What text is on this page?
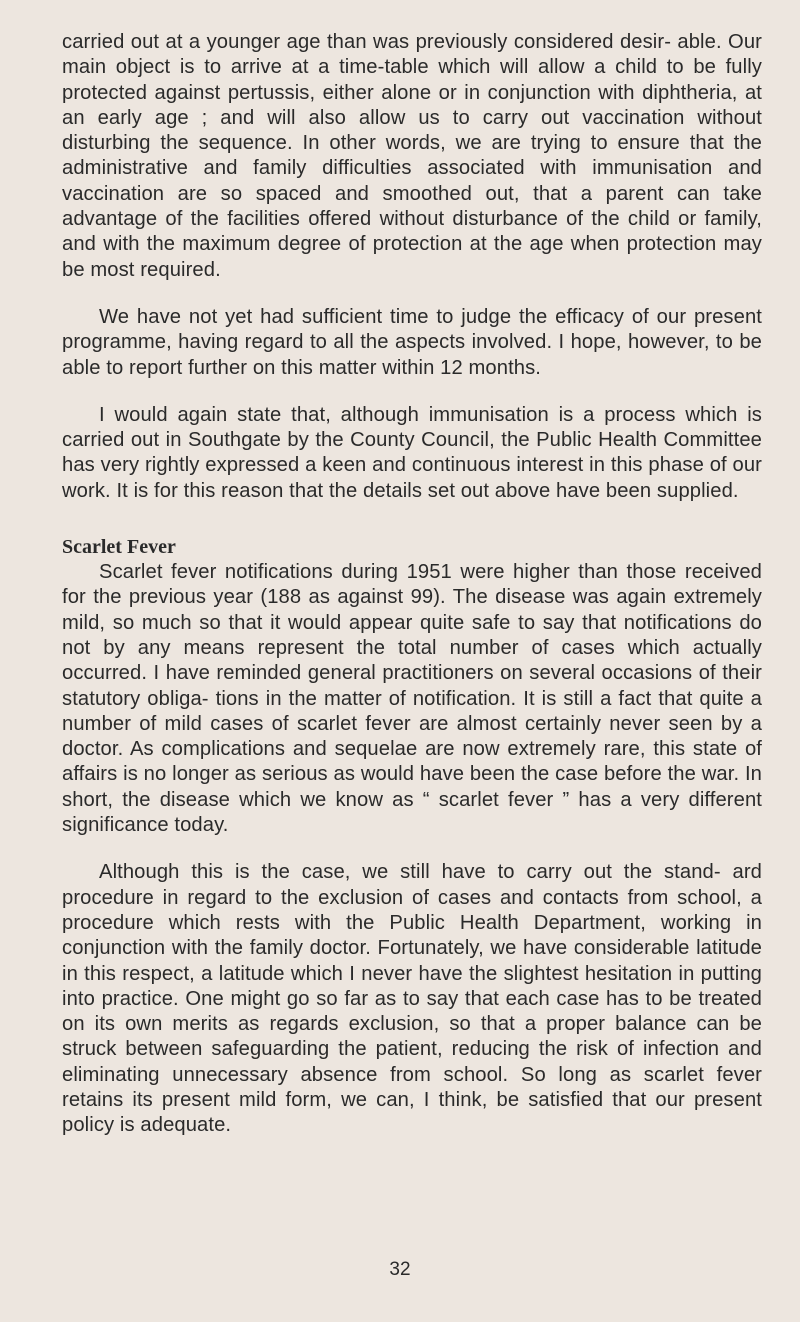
carried out at a younger age than was previously considered desir- able. Our main object is to arrive at a time-table which will allow a child to be fully protected against pertussis, either alone or in conjunction with diphtheria, at an early age ; and will also allow us to carry out vaccination without disturbing the sequence. In other words, we are trying to ensure that the administrative and family difficulties associated with immunisation and vaccination are so spaced and smoothed out, that a parent can take advantage of the facilities offered without disturbance of the child or family, and with the maximum degree of protection at the age when protection may be most required.

We have not yet had sufficient time to judge the efficacy of our present programme, having regard to all the aspects involved. I hope, however, to be able to report further on this matter within 12 months.

I would again state that, although immunisation is a process which is carried out in Southgate by the County Council, the Public Health Committee has very rightly expressed a keen and continuous interest in this phase of our work. It is for this reason that the details set out above have been supplied.

Scarlet Fever

Scarlet fever notifications during 1951 were higher than those received for the previous year (188 as against 99). The disease was again extremely mild, so much so that it would appear quite safe to say that notifications do not by any means represent the total number of cases which actually occurred. I have reminded general practitioners on several occasions of their statutory obliga- tions in the matter of notification. It is still a fact that quite a number of mild cases of scarlet fever are almost certainly never seen by a doctor. As complications and sequelae are now extremely rare, this state of affairs is no longer as serious as would have been the case before the war. In short, the disease which we know as “ scarlet fever ” has a very different significance today.

Although this is the case, we still have to carry out the stand- ard procedure in regard to the exclusion of cases and contacts from school, a procedure which rests with the Public Health Department, working in conjunction with the family doctor. Fortunately, we have considerable latitude in this respect, a latitude which I never have the slightest hesitation in putting into practice. One might go so far as to say that each case has to be treated on its own merits as regards exclusion, so that a proper balance can be struck between safeguarding the patient, reducing the risk of infection and eliminating unnecessary absence from school. So long as scarlet fever retains its present mild form, we can, I think, be satisfied that our present policy is adequate.

32
